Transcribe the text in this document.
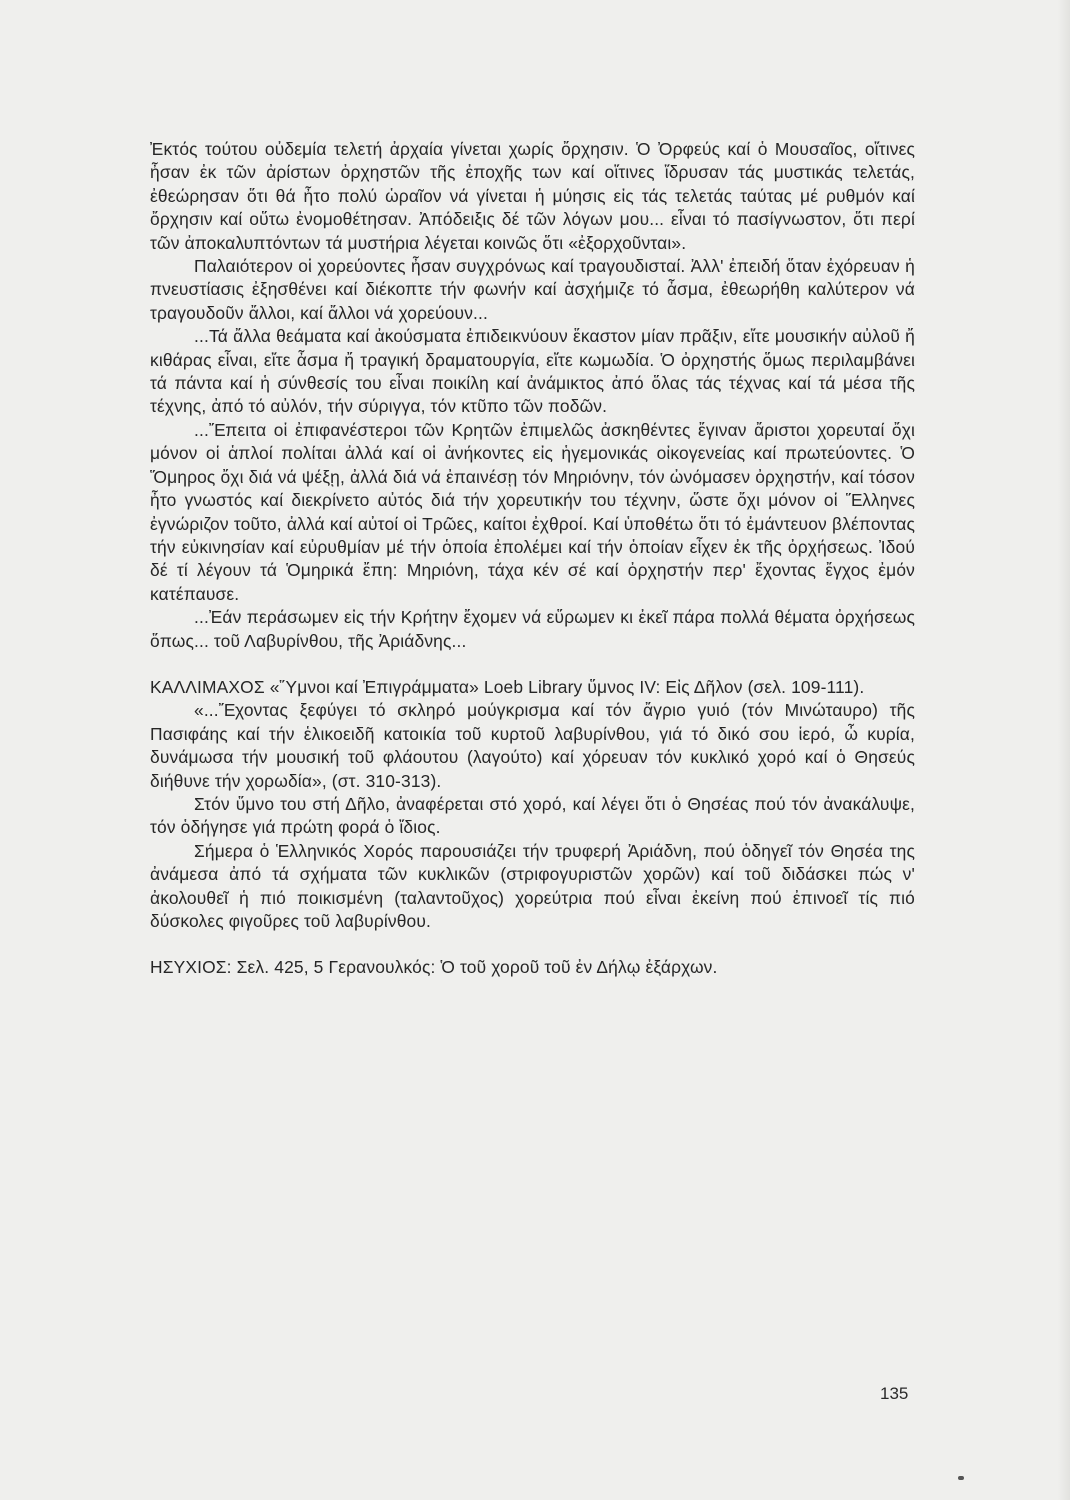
Ἐκτός τούτου οὐδεμία τελετή ἀρχαία γίνεται χωρίς ὄρχησιν. Ὁ Ὀρφεύς καί ὁ Μουσαῖος, οἵτινες ἦσαν ἐκ τῶν ἀρίστων ὀρχηστῶν τῆς ἐποχῆς των καί οἵτινες ἵδρυσαν τάς μυστικάς τελετάς, ἐθεώρησαν ὅτι θά ἦτο πολύ ὡραῖον νά γίνεται ἡ μύησις εἰς τάς τελετάς ταύτας μέ ρυθμόν καί ὄρχησιν καί οὕτω ἐνομοθέτησαν. Ἀπόδειξις δέ τῶν λόγων μου... εἶναι τό πασίγνωστον, ὅτι περί τῶν ἀποκαλυπτόντων τά μυστήρια λέγεται κοινῶς ὅτι «ἐξορχοῦνται».

Παλαιότερον οἱ χορεύοντες ἦσαν συγχρόνως καί τραγουδισταί. Ἀλλ' ἐπειδή ὅταν ἐχόρευαν ἡ πνευστίασις ἐξησθένει καί διέκοπτε τήν φωνήν καί ἀσχήμιζε τό ἆσμα, ἐθεωρήθη καλύτερον νά τραγουδοῦν ἄλλοι, καί ἄλλοι νά χορεύουν...

...Τά ἄλλα θεάματα καί ἀκούσματα ἐπιδεικνύουν ἕκαστον μίαν πρᾶξιν, εἴτε μουσικήν αὐλοῦ ἤ κιθάρας εἶναι, εἴτε ἆσμα ἤ τραγική δραματουργία, εἴτε κωμωδία. Ὁ ὀρχηστής ὅμως περιλαμβάνει τά πάντα καί ἡ σύνθεσίς του εἶναι ποικίλη καί ἀνάμικτος ἀπό ὅλας τάς τέχνας καί τά μέσα τῆς τέχνης, ἀπό τό αὐλόν, τήν σύριγγα, τόν κτῦπο τῶν ποδῶν.

...Ἔπειτα οἱ ἐπιφανέστεροι τῶν Κρητῶν ἐπιμελῶς ἀσκηθέντες ἔγιναν ἄριστοι χορευταί ὄχι μόνον οἱ ἁπλοί πολίται ἀλλά καί οἱ ἀνήκοντες εἰς ἡγεμονικάς οἰκογενείας καί πρωτεύοντες. Ὁ Ὅμηρος ὄχι διά νά ψέξῃ, ἀλλά διά νά ἐπαινέσῃ τόν Μηριόνην, τόν ὠνόμασεν ὀρχηστήν, καί τόσον ἦτο γνωστός καί διεκρίνετο αὐτός διά τήν χορευτικήν του τέχνην, ὥστε ὄχι μόνον οἱ Ἕλληνες ἐγνώριζον τοῦτο, ἀλλά καί αὐτοί οἱ Τρῶες, καίτοι ἐχθροί. Καί ὑποθέτω ὅτι τό ἐμάντευον βλέποντας τήν εὐκινησίαν καί εὐρυθμίαν μέ τήν ὁποία ἐπολέμει καί τήν ὁποίαν εἶχεν ἐκ τῆς ὀρχήσεως. Ἰδού δέ τί λέγουν τά Ὁμηρικά ἔπη: Μηριόνη, τάχα κέν σέ καί ὀρχηστήν περ' ἔχοντας ἔγχος ἐμόν κατέπαυσε.

...Ἐάν περάσωμεν εἰς τήν Κρήτην ἔχομεν νά εὕρωμεν κι ἐκεῖ πάρα πολλά θέματα ὀρχήσεως ὅπως... τοῦ Λαβυρίνθου, τῆς Ἀριάδνης...

ΚΑΛΛΙΜΑΧΟΣ «Ὕμνοι καί Ἐπιγράμματα» Loeb Library ὕμνος IV: Εἰς Δῆλον (σελ. 109-111).

«...Ἔχοντας ξεφύγει τό σκληρό μούγκρισμα καί τόν ἄγριο γυιό (τόν Μινώταυρο) τῆς Πασιφάης καί τήν ἑλικοειδῆ κατοικία τοῦ κυρτοῦ λαβυρίνθου, γιά τό δικό σου ἱερό, ὦ κυρία, δυνάμωσα τήν μουσική τοῦ φλάουτου (λαγούτο) καί χόρευαν τόν κυκλικό χορό καί ὁ Θησεύς διήθυνε τήν χορωδία», (στ. 310-313).

Στόν ὕμνο του στή Δῆλο, ἀναφέρεται στό χορό, καί λέγει ὅτι ὁ Θησέας πού τόν ἀνακάλυψε, τόν ὁδήγησε γιά πρώτη φορά ὁ ἴδιος.

Σήμερα ὁ Ἑλληνικός Χορός παρουσιάζει τήν τρυφερή Ἀριάδνη, πού ὁδηγεῖ τόν Θησέα της ἀνάμεσα ἀπό τά σχήματα τῶν κυκλικῶν (στριφογυριστῶν χορῶν) καί τοῦ διδάσκει πώς ν' ἀκολουθεῖ ἡ πιό ποικισμένη (ταλαντοῦχος) χορεύτρια πού εἶναι ἐκείνη πού ἐπινοεῖ τίς πιό δύσκολες φιγοῦρες τοῦ λαβυρίνθου.

ΗΣΥΧΙΟΣ: Σελ. 425, 5 Γερανουλκός: Ὁ τοῦ χοροῦ τοῦ ἐν Δήλῳ ἐξάρχων.

135
